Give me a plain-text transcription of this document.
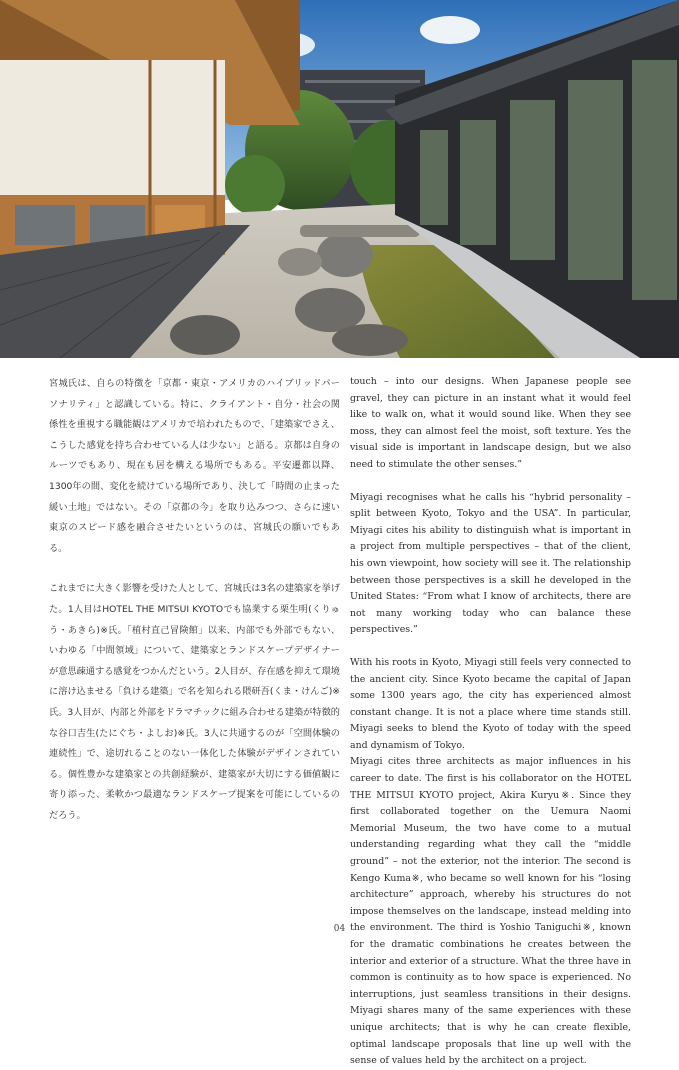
宮城氏は、自らの特徴を「京都・東京・アメリカのハイブリッドパーソナリティ」と認識している。特に、クライアント・自分・社会の関係性を重視する職能観はアメリカで培われたもので、「建築家でさえ、こうした感覚を持ち合わせている人は少ない」と語る。京都は自身のルーツでもあり、現在も居を構える場所でもある。平安遷都以降、1300年の間、変化を続けている場所であり、決して「時間の止まった緩い土地」ではない。その「京都の今」を取り込みつつ、さらに速い東京のスピード感を融合させたいというのは、宮城氏の願いでもある。

これまでに大きく影響を受けた人として、宮城氏は3名の建築家を挙げた。1人目はHOTEL THE MITSUI KYOTOでも協業する栗生明(くりゅう・あきら)※氏。「植村直己冒険館」以来、内部でも外部でもない、いわゆる「中間領域」について、建築家とランドスケープデザイナーが意思疎通する感覚をつかんだという。2人目が、存在感を抑えて環境に溶け込ませる「負ける建築」で名を知られる隈研吾(くま・けんご)※氏。3人目が、内部と外部をドラマチックに組み合わせる建築が特徴的な谷口吉生(たにぐち・よしお)※氏。3人に共通するのが「空間体験の連続性」で、途切れることのない一体化した体験がデザインされている。個性豊かな建築家との共創経験が、建築家が大切にする価値観に寄り添った、柔軟かつ最適なランドスケープ提案を可能にしているのだろう。

touch – into our designs. When Japanese people see gravel, they can picture in an instant what it would feel like to walk on, what it would sound like. When they see moss, they can almost feel the moist, soft texture. Yes the visual side is important in landscape design, but we also need to stimulate the other senses.”

Miyagi recognises what he calls his “hybrid personality – split between Kyoto, Tokyo and the USA”. In particular, Miyagi cites his ability to distinguish what is important in a project from multiple perspectives – that of the client, his own viewpoint, how society will see it. The relationship between those perspectives is a skill he developed in the United States: “From what I know of architects, there are not many working today who can balance these perspectives.”

With his roots in Kyoto, Miyagi still feels very connected to the ancient city. Since Kyoto became the capital of Japan some 1300 years ago, the city has experienced almost constant change. It is not a place where time stands still. Miyagi seeks to blend the Kyoto of today with the speed and dynamism of Tokyo.

Miyagi cites three architects as major influences in his career to date. The first is his collaborator on the HOTEL THE MITSUI KYOTO project, Akira Kuryu※. Since they first collaborated together on the Uemura Naomi Memorial Museum, the two have come to a mutual understanding regarding what they call the “middle ground” – not the exterior, not the interior. The second is Kengo Kuma※, who became so well known for his “losing architecture” approach, whereby his structures do not impose themselves on the landscape, instead melding into the environment. The third is Yoshio Taniguchi※, known for the dramatic combinations he creates between the interior and exterior of a structure. What the three have in common is continuity as to how space is experienced. No interruptions, just seamless transitions in their designs. Miyagi shares many of the same experiences with these unique architects; that is why he can create flexible, optimal landscape proposals that line up well with the sense of values held by the architect on a project.

04
